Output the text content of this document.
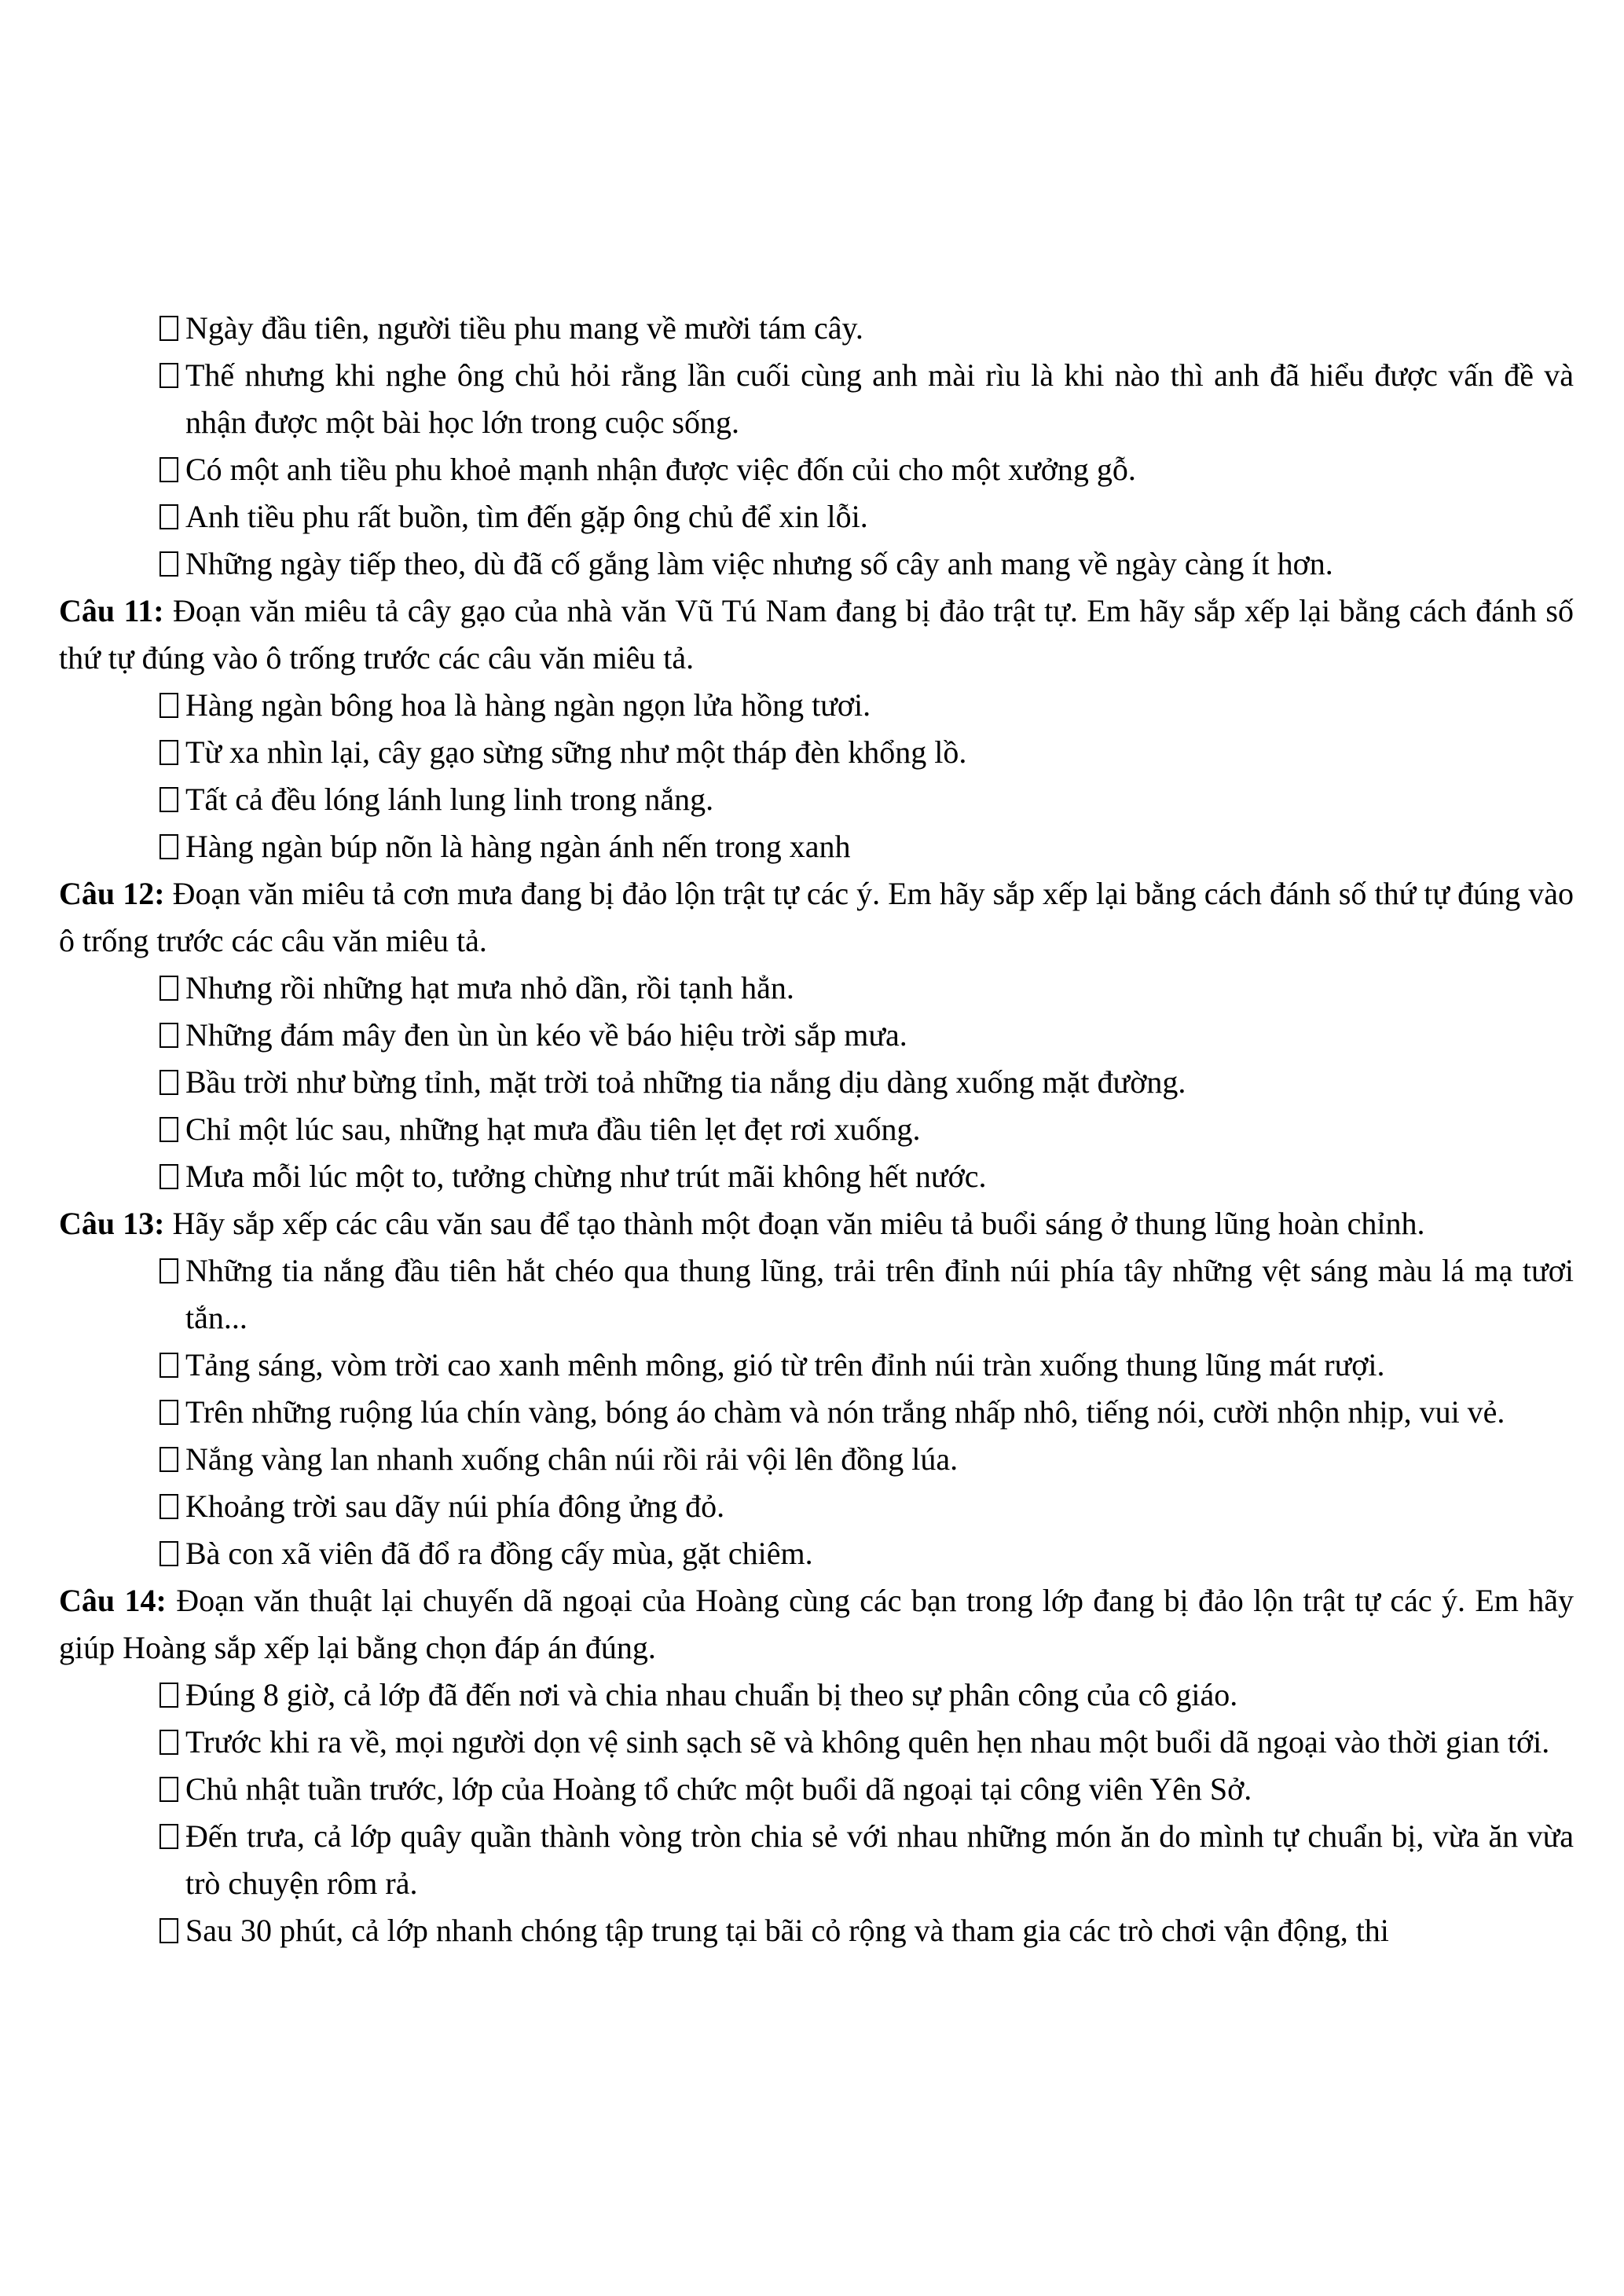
Ngày đầu tiên, người tiều phu mang về mười tám cây.
Thế nhưng khi nghe ông chủ hỏi rằng lần cuối cùng anh mài rìu là khi nào thì anh đã hiểu được vấn đề và nhận được một bài học lớn trong cuộc sống.
Có một anh tiều phu khoẻ mạnh nhận được việc đốn củi cho một xưởng gỗ.
Anh tiều phu rất buồn, tìm đến gặp ông chủ để xin lỗi.
Những ngày tiếp theo, dù đã cố gắng làm việc nhưng số cây anh mang về ngày càng ít hơn.

Câu 11: Đoạn văn miêu tả cây gạo của nhà văn Vũ Tú Nam đang bị đảo trật tự. Em hãy sắp xếp lại bằng cách đánh số thứ tự đúng vào ô trống trước các câu văn miêu tả.

Hàng ngàn bông hoa là hàng ngàn ngọn lửa hồng tươi.
Từ xa nhìn lại, cây gạo sừng sững như một tháp đèn khổng lồ.
Tất cả đều lóng lánh lung linh trong nắng.
Hàng ngàn búp nõn là hàng ngàn ánh nến trong xanh

Câu 12: Đoạn văn miêu tả cơn mưa đang bị đảo lộn trật tự các ý. Em hãy sắp xếp lại bằng cách đánh số thứ tự đúng vào ô trống trước các câu văn miêu tả.

Nhưng rồi những hạt mưa nhỏ dần, rồi tạnh hẳn.
Những đám mây đen ùn ùn kéo về báo hiệu trời sắp mưa.
Bầu trời như bừng tỉnh, mặt trời toả những tia nắng dịu dàng xuống mặt đường.
Chỉ một lúc sau, những hạt mưa đầu tiên lẹt đẹt rơi xuống.
Mưa mỗi lúc một to, tưởng chừng như trút mãi không hết nước.

Câu 13: Hãy sắp xếp các câu văn sau để tạo thành một đoạn văn miêu tả buổi sáng ở thung lũng hoàn chỉnh.

Những tia nắng đầu tiên hắt chéo qua thung lũng, trải trên đỉnh núi phía tây những vệt sáng màu lá mạ tươi tắn...
Tảng sáng, vòm trời cao xanh mênh mông, gió từ trên đỉnh núi tràn xuống thung lũng mát rượi.
Trên những ruộng lúa chín vàng, bóng áo chàm và nón trắng nhấp nhô, tiếng nói, cười nhộn nhịp, vui vẻ.
Nắng vàng lan nhanh xuống chân núi rồi rải vội lên đồng lúa.
Khoảng trời sau dãy núi phía đông ửng đỏ.
Bà con xã viên đã đổ ra đồng cấy mùa, gặt chiêm.

Câu 14: Đoạn văn thuật lại chuyến dã ngoại của Hoàng cùng các bạn trong lớp đang bị đảo lộn trật tự các ý. Em hãy giúp Hoàng sắp xếp lại bằng chọn đáp án đúng.

Đúng 8 giờ, cả lớp đã đến nơi và chia nhau chuẩn bị theo sự phân công của cô giáo.
Trước khi ra về, mọi người dọn vệ sinh sạch sẽ và không quên hẹn nhau một buổi dã ngoại vào thời gian tới.
Chủ nhật tuần trước, lớp của Hoàng tổ chức một buổi dã ngoại tại công viên Yên Sở.
Đến trưa, cả lớp quây quần thành vòng tròn chia sẻ với nhau những món ăn do mình tự chuẩn bị, vừa ăn vừa trò chuyện rôm rả.
Sau 30 phút, cả lớp nhanh chóng tập trung tại bãi cỏ rộng và tham gia các trò chơi vận động, thi
